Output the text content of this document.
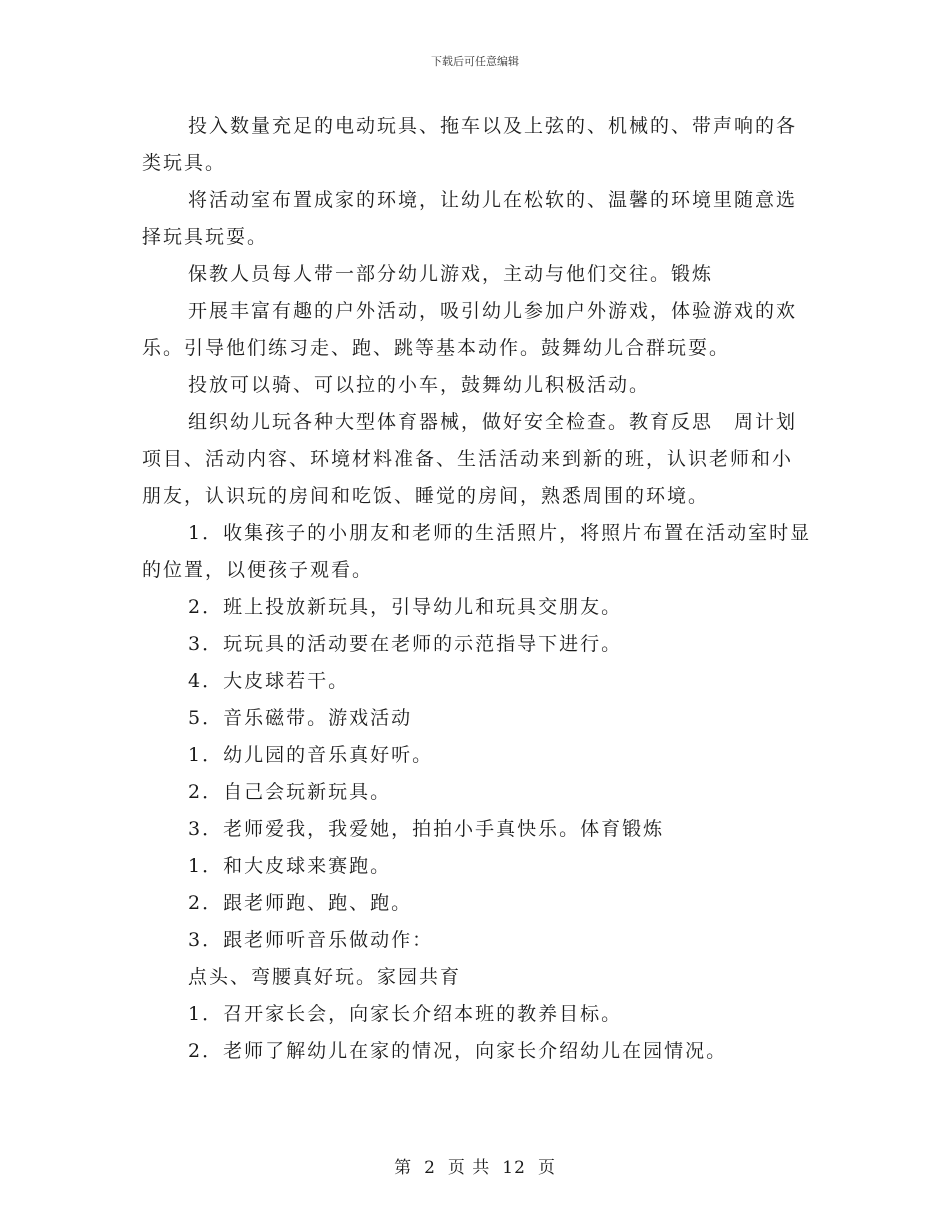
下载后可任意编辑

投入数量充足的电动玩具、拖车以及上弦的、机械的、带声响的各类玩具。

将活动室布置成家的环境，让幼儿在松软的、温馨的环境里随意选择玩具玩耍。

保教人员每人带一部分幼儿游戏，主动与他们交往。锻炼

开展丰富有趣的户外活动，吸引幼儿参加户外游戏，体验游戏的欢乐。引导他们练习走、跑、跳等基本动作。鼓舞幼儿合群玩耍。

投放可以骑、可以拉的小车，鼓舞幼儿积极活动。

组织幼儿玩各种大型体育器械，做好安全检查。教育反思　周计划项目、活动内容、环境材料准备、生活活动来到新的班，认识老师和小朋友，认识玩的房间和吃饭、睡觉的房间，熟悉周围的环境。

1．收集孩子的小朋友和老师的生活照片，将照片布置在活动室时显的位置，以便孩子观看。

2．班上投放新玩具，引导幼儿和玩具交朋友。

3．玩玩具的活动要在老师的示范指导下进行。

4．大皮球若干。

5．音乐磁带。游戏活动

1．幼儿园的音乐真好听。

2．自己会玩新玩具。

3．老师爱我，我爱她，拍拍小手真快乐。体育锻炼

1．和大皮球来赛跑。

2．跟老师跑、跑、跑。

3．跟老师听音乐做动作：

点头、弯腰真好玩。家园共育

1．召开家长会，向家长介绍本班的教养目标。

2．老师了解幼儿在家的情况，向家长介绍幼儿在园情况。

第 2 页 共 12 页
